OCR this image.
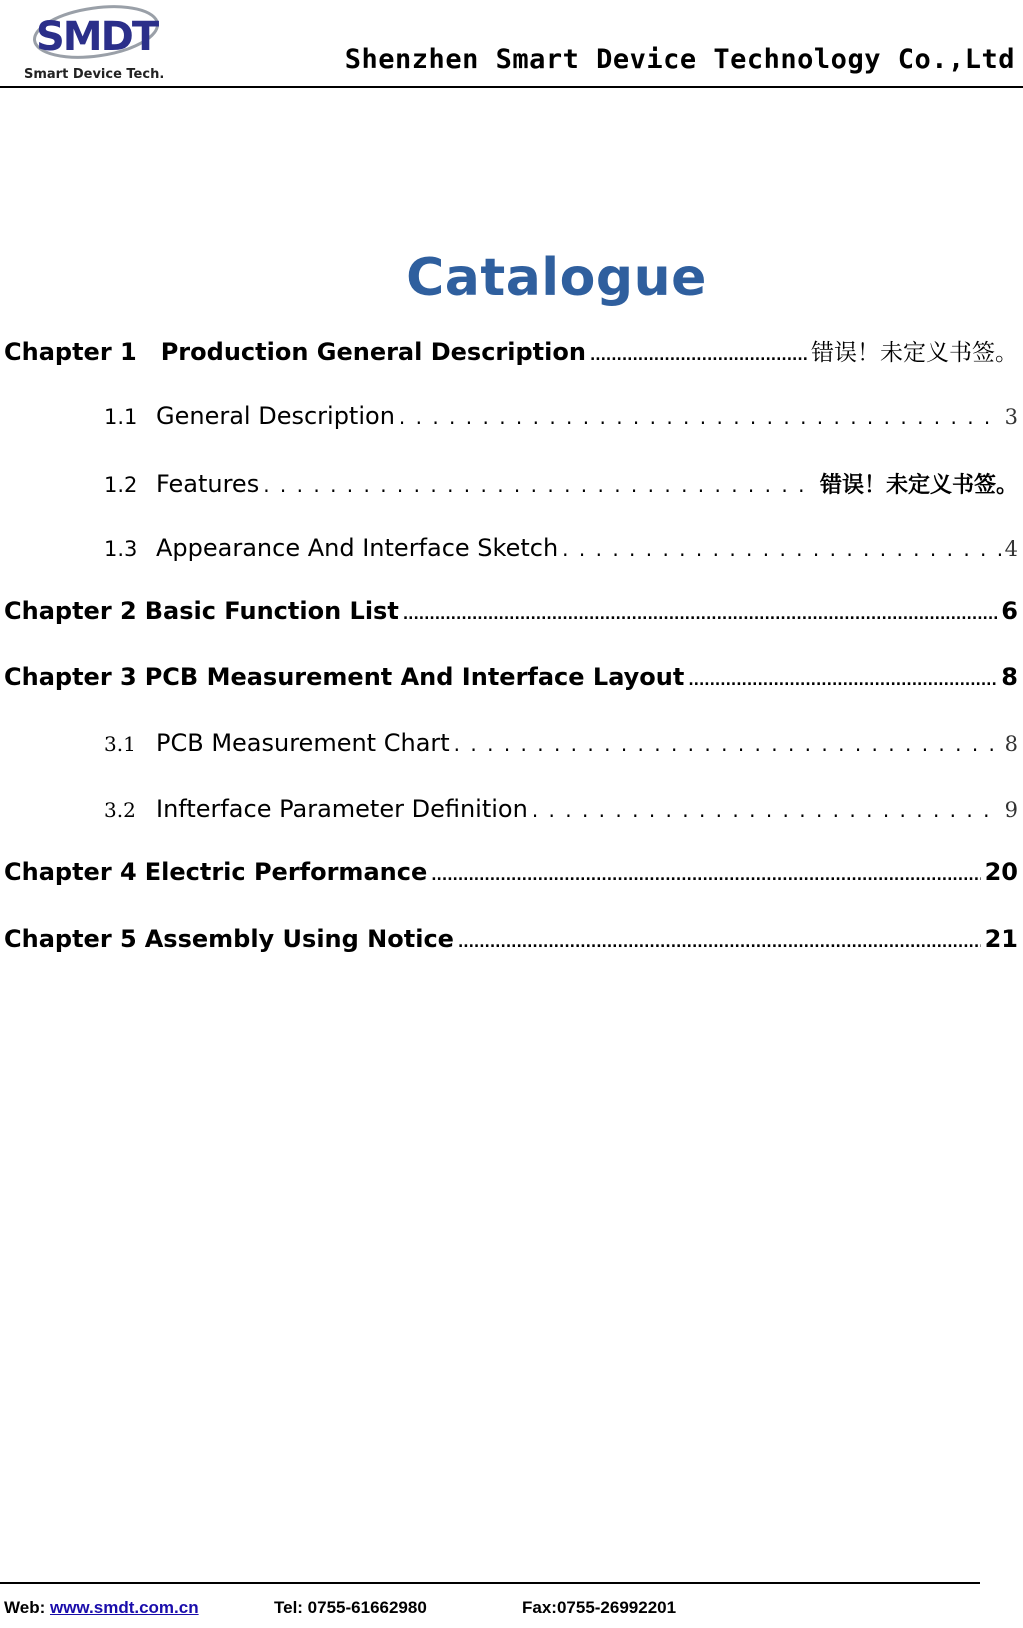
SMDT
Smart Device Tech.	Shenzhen Smart Device Technology Co.,Ltd
Catalogue
Chapter 1 Production General Description .....	错误！未定义书签。
1.1 General Description . . .	3
1.2 Features . . .	错误！未定义书签。
1.3 Appearance And Interface Sketch . . .	4
Chapter 2 Basic Function List .....	6
Chapter 3 PCB Measurement And Interface Layout .....	8
3.1 PCB Measurement Chart . . .	8
3.2 Infterface Parameter Definition . . .	9
Chapter 4 Electric Performance .....	20
Chapter 5 Assembly Using Notice .....	21
Web: www.smdt.com.cn	Tel: 0755-61662980	Fax:0755-26992201
